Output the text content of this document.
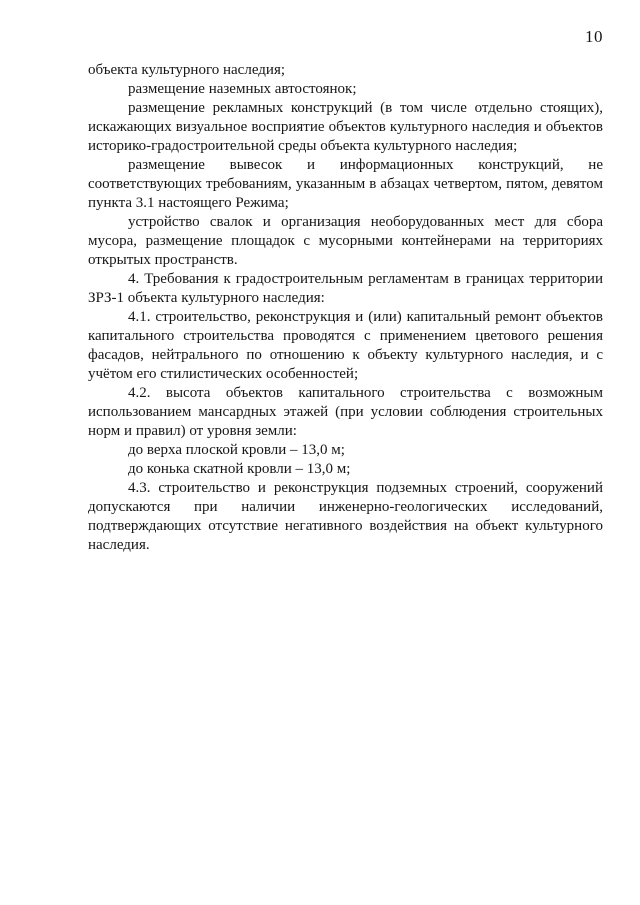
10

объекта культурного наследия;

размещение наземных автостоянок;

размещение рекламных конструкций (в том числе отдельно стоящих), искажающих визуальное восприятие объектов культурного наследия и объектов историко-градостроительной среды объекта культурного наследия;

размещение вывесок и информационных конструкций, не соответствующих требованиям, указанным в абзацах четвертом, пятом, девятом пункта 3.1 настоящего Режима;

устройство свалок и организация необорудованных мест для сбора мусора, размещение площадок с мусорными контейнерами на территориях открытых пространств.

4. Требования к градостроительным регламентам в границах территории ЗРЗ-1 объекта культурного наследия:

4.1. строительство, реконструкция и (или) капитальный ремонт объектов капитального строительства проводятся с применением цветового решения фасадов, нейтрального по отношению к объекту культурного наследия, и с учётом его стилистических особенностей;

4.2. высота объектов капитального строительства с возможным использованием мансардных этажей (при условии соблюдения строительных норм и правил) от уровня земли:

до верха плоской кровли – 13,0 м;

до конька скатной кровли – 13,0 м;

4.3. строительство и реконструкция подземных строений, сооружений допускаются при наличии инженерно-геологических исследований, подтверждающих отсутствие негативного воздействия на объект культурного наследия.
